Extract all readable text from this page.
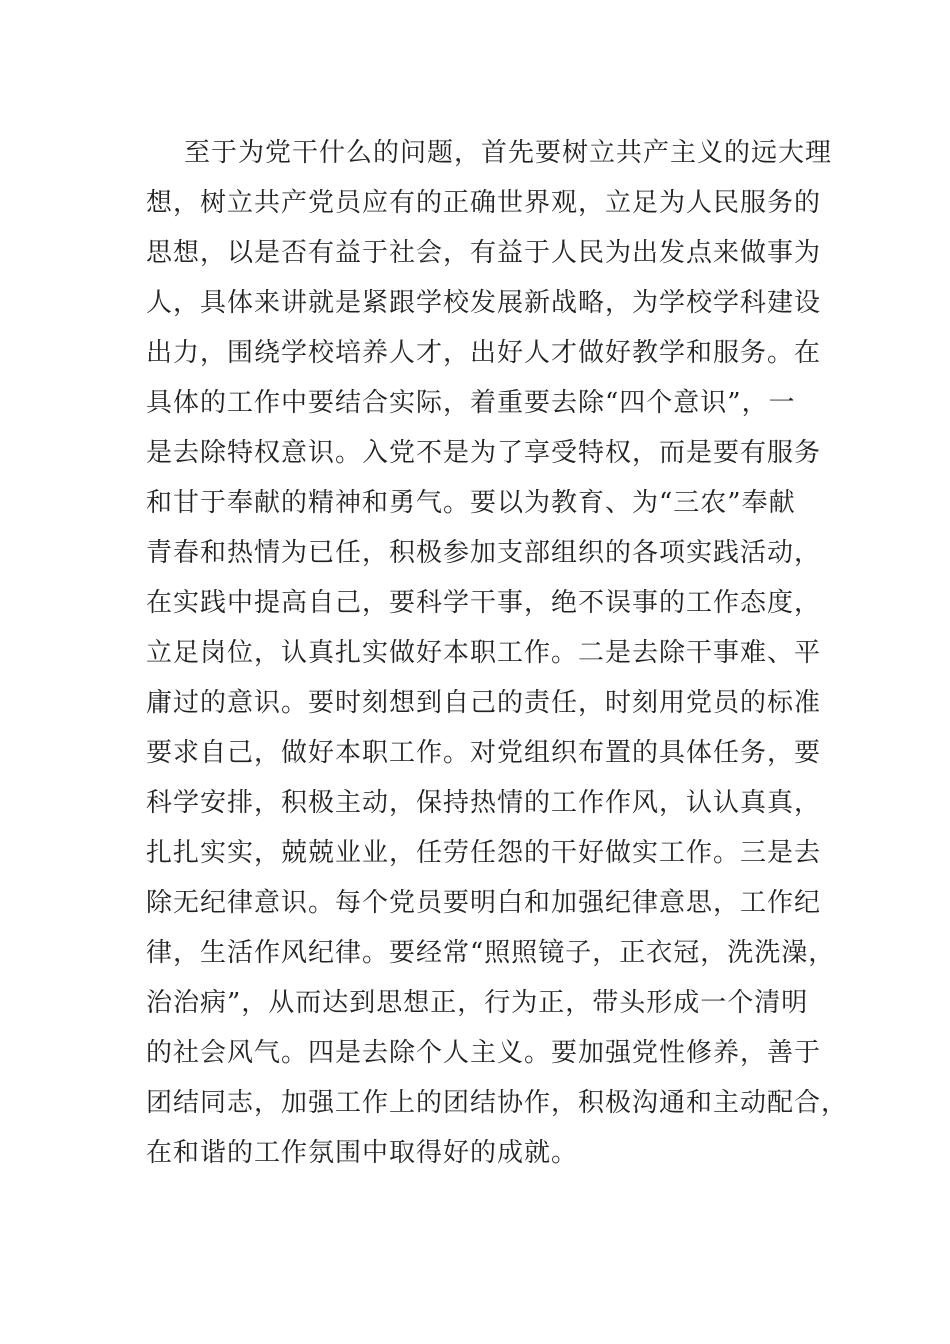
至于为党干什么的问题，首先要树立共产主义的远大理
想，树立共产党员应有的正确世界观，立足为人民服务的
思想，以是否有益于社会，有益于人民为出发点来做事为
人，具体来讲就是紧跟学校发展新战略，为学校学科建设
出力，围绕学校培养人才，出好人才做好教学和服务。在
具体的工作中要结合实际，着重要去除“四个意识”，一
是去除特权意识。入党不是为了享受特权，而是要有服务
和甘于奉献的精神和勇气。要以为教育、为“三农”奉献
青春和热情为已任，积极参加支部组织的各项实践活动，
在实践中提高自己，要科学干事，绝不误事的工作态度，
立足岗位，认真扎实做好本职工作。二是去除干事难、平
庸过的意识。要时刻想到自己的责任，时刻用党员的标准
要求自己，做好本职工作。对党组织布置的具体任务，要
科学安排，积极主动，保持热情的工作作风，认认真真，
扎扎实实，兢兢业业，任劳任怨的干好做实工作。三是去
除无纪律意识。每个党员要明白和加强纪律意思，工作纪
律，生活作风纪律。要经常“照照镜子，正衣冠，洗洗澡，
治治病”，从而达到思想正，行为正，带头形成一个清明
的社会风气。四是去除个人主义。要加强党性修养，善于
团结同志，加强工作上的团结协作，积极沟通和主动配合，
在和谐的工作氛围中取得好的成就。
